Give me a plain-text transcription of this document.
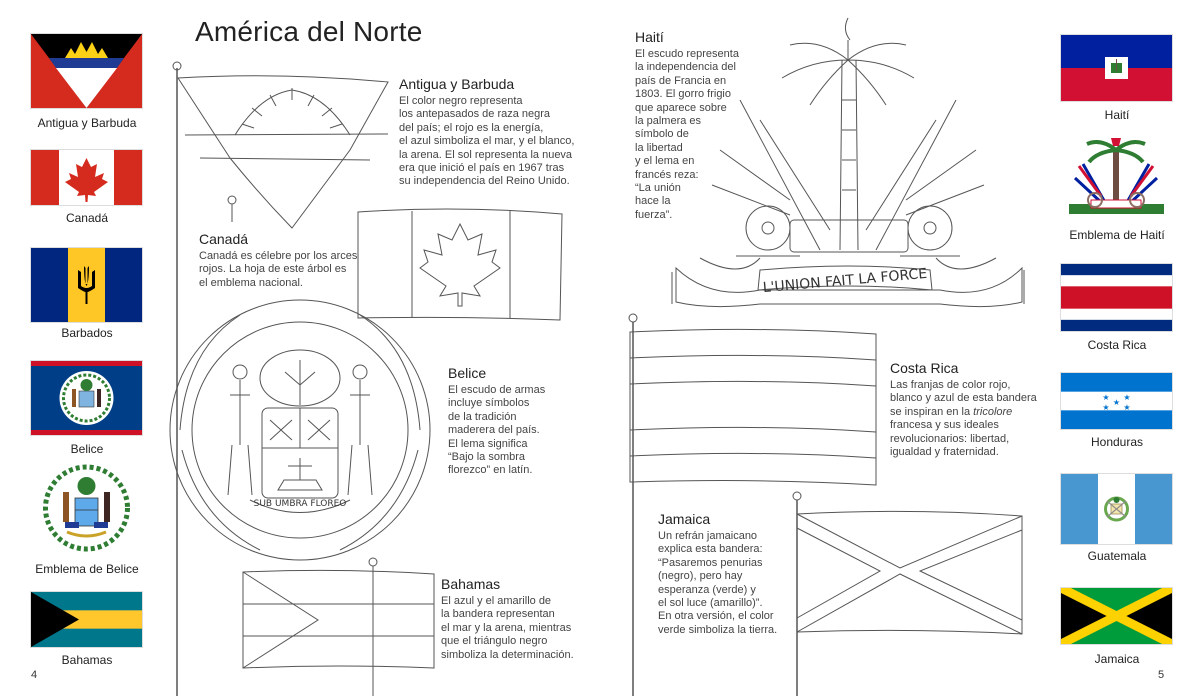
L'UNION FAIT LA FORCE
SUB UMBRA FLOREO
Antigua y Barbuda
Canadá
Barbados
Belice
Emblema de Belice
Bahamas
Haití
Emblema de Haití
Costa Rica
★ ★
★
★ ★
Honduras
Guatemala
Jamaica
América del Norte
4	5
Antigua y Barbuda

El color negro representa
los antepasados de raza negra
del país; el rojo es la energía,
el azul simboliza el mar, y el blanco,
la arena. El sol representa la nueva
era que inició el país en 1967 tras
su independencia del Reino Unido.

Canadá

Canadá es célebre por los arces
rojos. La hoja de este árbol es
el emblema nacional.

Belice

El escudo de armas
incluye símbolos
de la tradición
maderera del país.
El lema significa
“Bajo la sombra
florezco” en latín.

Bahamas

El azul y el amarillo de
la bandera representan
el mar y la arena, mientras
que el triángulo negro
simboliza la determinación.

Haití

El escudo representa
la independencia del
país de Francia en
1803. El gorro frigio
que aparece sobre
la palmera es
símbolo de
la libertad
y el lema en
francés reza:
“La unión
hace la
fuerza”.

Costa Rica

Las franjas de color rojo,
blanco y azul de esta bandera
se inspiran en la tricolore
francesa y sus ideales
revolucionarios: libertad,
igualdad y fraternidad.

Jamaica

Un refrán jamaicano
explica esta bandera:
“Pasaremos penurias
(negro), pero hay
esperanza (verde) y
el sol luce (amarillo)”.
En otra versión, el color
verde simboliza la tierra.
